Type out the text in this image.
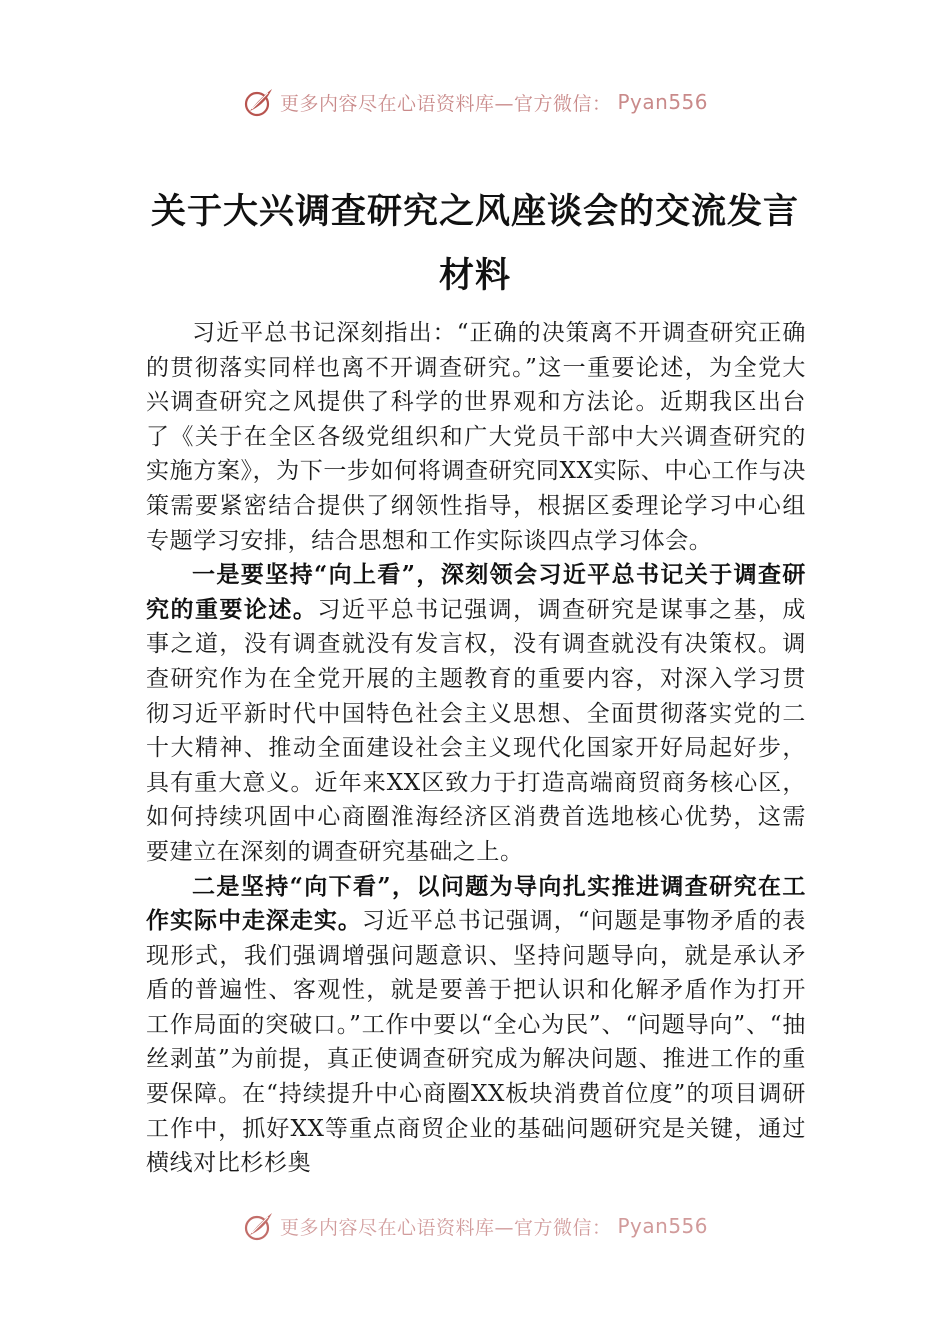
更多内容尽在心语资料库—官方微信： Pyan556
关于大兴调查研究之风座谈会的交流发言
材料

习近平总书记深刻指出：“正确的决策离不开调查研究正确的贯彻落实同样也离不开调查研究。”这一重要论述，为全党大兴调查研究之风提供了科学的世界观和方法论。近期我区出台了《关于在全区各级党组织和广大党员干部中大兴调查研究的实施方案》，为下一步如何将调查研究同XX实际、中心工作与决策需要紧密结合提供了纲领性指导，根据区委理论学习中心组专题学习安排，结合思想和工作实际谈四点学习体会。

一是要坚持“向上看”，深刻领会习近平总书记关于调查研究的重要论述。习近平总书记强调，调查研究是谋事之基，成事之道，没有调查就没有发言权，没有调查就没有决策权。调查研究作为在全党开展的主题教育的重要内容，对深入学习贯彻习近平新时代中国特色社会主义思想、全面贯彻落实党的二十大精神、推动全面建设社会主义现代化国家开好局起好步，具有重大意义。近年来XX区致力于打造高端商贸商务核心区，如何持续巩固中心商圈淮海经济区消费首选地核心优势，这需要建立在深刻的调查研究基础之上。

二是坚持“向下看”，以问题为导向扎实推进调查研究在工作实际中走深走实。习近平总书记强调，“问题是事物矛盾的表现形式，我们强调增强问题意识、坚持问题导向，就是承认矛盾的普遍性、客观性，就是要善于把认识和化解矛盾作为打开工作局面的突破口。”工作中要以“全心为民”、“问题导向”、“抽丝剥茧”为前提，真正使调查研究成为解决问题、推进工作的重要保障。在“持续提升中心商圈XX板块消费首位度”的项目调研工作中，抓好XX等重点商贸企业的基础问题研究是关键，通过横线对比杉杉奥

更多内容尽在心语资料库—官方微信： Pyan556
